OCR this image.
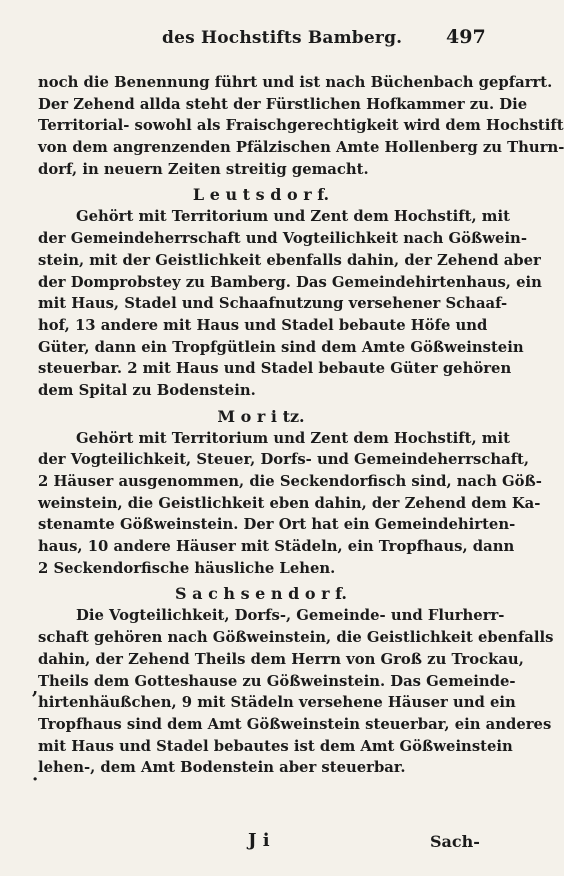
des Hochstifts Bamberg. 497
noch die Benennung führt und ist nach Büchenbach gepfarrt.
Der Zehend allda steht der Fürstlichen Hofkammer zu. Die
Territorial- sowohl als Fraischgerechtigkeit wird dem Hochstift
von dem angrenzenden Pfälzischen Amte Hollenberg zu Thurn-
dorf, in neuern Zeiten streitig gemacht.
L e u t s d o r f.
Gehört mit Territorium und Zent dem Hochstift, mit
der Gemeindeherrschaft und Vogteilichkeit nach Gößwein-
stein, mit der Geistlichkeit ebenfalls dahin, der Zehend aber
der Domprobstey zu Bamberg. Das Gemeindehirtenhaus, ein
mit Haus, Stadel und Schaafnutzung versehener Schaaf-
hof, 13 andere mit Haus und Stadel bebaute Höfe und
Güter, dann ein Tropfgütlein sind dem Amte Gößweinstein
steuerbar. 2 mit Haus und Stadel bebaute Güter gehören
dem Spital zu Bodenstein.
M o r i tz.
Gehört mit Territorium und Zent dem Hochstift, mit
der Vogteilichkeit, Steuer, Dorfs- und Gemeindeherrschaft,
2 Häuser ausgenommen, die Seckendorfisch sind, nach Göß-
weinstein, die Geistlichkeit eben dahin, der Zehend dem Ka-
stenamte Gößweinstein. Der Ort hat ein Gemeindehirten-
haus, 10 andere Häuser mit Städeln, ein Tropfhaus, dann
2 Seckendorfische häusliche Lehen.
S a c h s e n d o r f.
Die Vogteilichkeit, Dorfs-, Gemeinde- und Flurherr-
schaft gehören nach Gößweinstein, die Geistlichkeit ebenfalls
dahin, der Zehend Theils dem Herrn von Groß zu Trockau,
Theils dem Gotteshause zu Gößweinstein. Das Gemeinde-
hirtenhäußchen, 9 mit Städeln versehene Häuser und ein
Tropfhaus sind dem Amt Gößweinstein steuerbar, ein anderes
mit Haus und Stadel bebautes ist dem Amt Gößweinstein
lehen-, dem Amt Bodenstein aber steuerbar.
,
·
J i	Sach-
